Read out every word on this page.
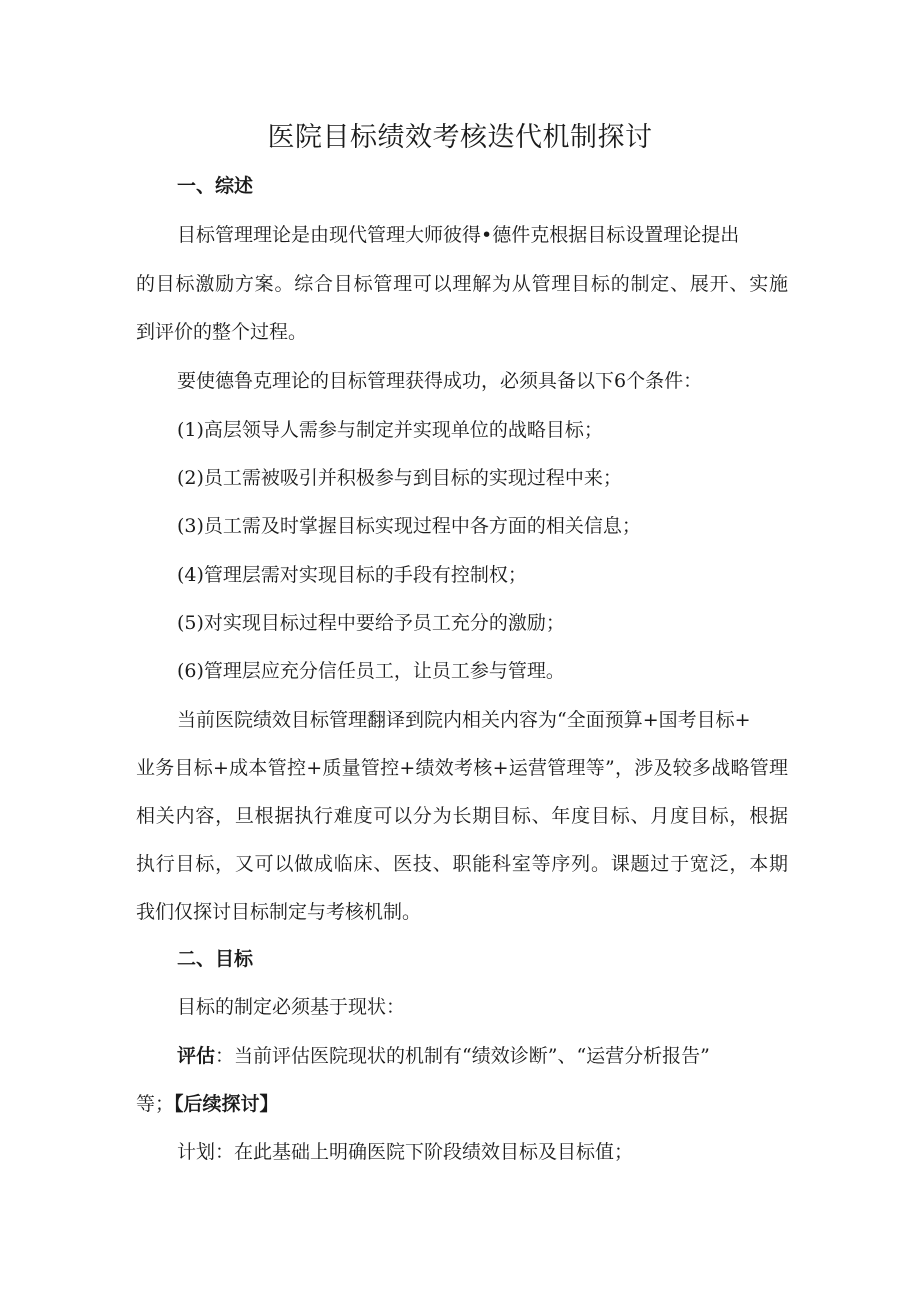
医院目标绩效考核迭代机制探讨
一、综述
目标管理理论是由现代管理大师彼得•德件克根据目标设置理论提出
的目标激励方案。综合目标管理可以理解为从管理目标的制定、展开、实施
到评价的整个过程。
要使德鲁克理论的目标管理获得成功，必须具备以下6个条件：
(1)高层领导人需参与制定并实现单位的战略目标；
(2)员工需被吸引并积极参与到目标的实现过程中来；
(3)员工需及时掌握目标实现过程中各方面的相关信息；
(4)管理层需对实现目标的手段有控制权；
(5)对实现目标过程中要给予员工充分的激励；
(6)管理层应充分信任员工，让员工参与管理。
当前医院绩效目标管理翻译到院内相关内容为“全面预算+国考目标+
业务目标+成本管控+质量管控+绩效考核+运营管理等”，涉及较多战略管理
相关内容，旦根据执行难度可以分为长期目标、年度目标、月度目标，根据
执行目标，又可以做成临床、医技、职能科室等序列。课题过于宽泛，本期
我们仅探讨目标制定与考核机制。
二、目标
目标的制定必须基于现状：
评估：当前评估医院现状的机制有“绩效诊断”、“运营分析报告”
等；【后续探讨】
计划：在此基础上明确医院下阶段绩效目标及目标值；
